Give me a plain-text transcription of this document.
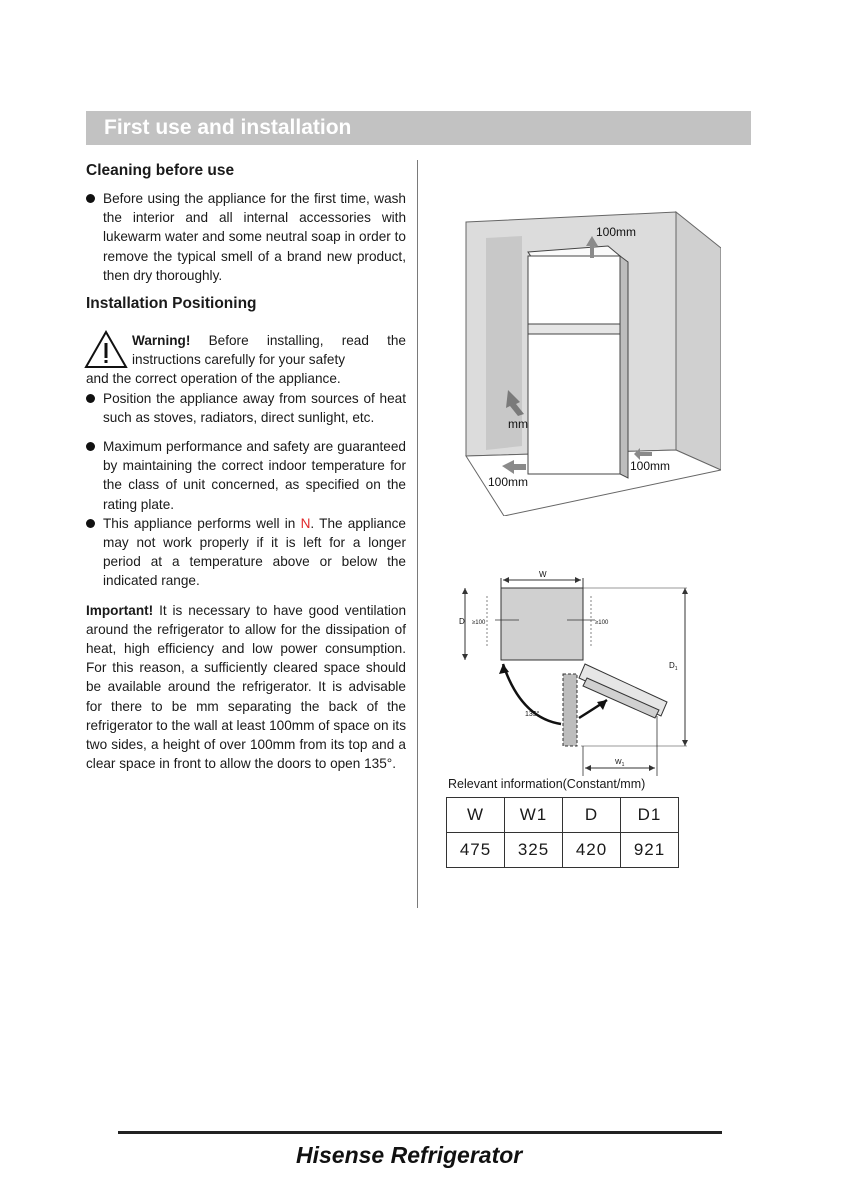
First use and installation

Cleaning before use

Before using the appliance for the first time, wash the interior and all internal accessories with lukewarm water and some neutral soap in order to remove the typical smell of a brand new product, then dry thoroughly.

Installation Positioning

Warning! Before installing, read the instructions carefully for your safety

and the correct operation of the appliance.

Position the appliance away from sources of heat such as stoves, radiators, direct sunlight, etc.

Maximum performance and safety are guaranteed by maintaining the correct indoor temperature for the class of unit concerned, as specified on the rating plate.

This appliance performs well in N. The appliance may not work properly if it is left for a longer period at a temperature above or below the indicated range.

Important! It is necessary to have good ventilation around the refrigerator to allow for the dissipation of heat, high efficiency and low power consumption. For this reason, a sufficiently cleared space should be available around the refrigerator. It is advisable for there to be mm separating the back of the refrigerator to the wall at least 100mm of space on its two sides, a height of over 100mm from its top and a clear space in front to allow the doors to open 135°.

100mm
mm
100mm
100mm
W
D ≥100	≥100
$D_1$
135°
$W_1$
Relevant information(Constant/mm)
W	W1	D	D1
475	325	420	921
Hisense Refrigerator
